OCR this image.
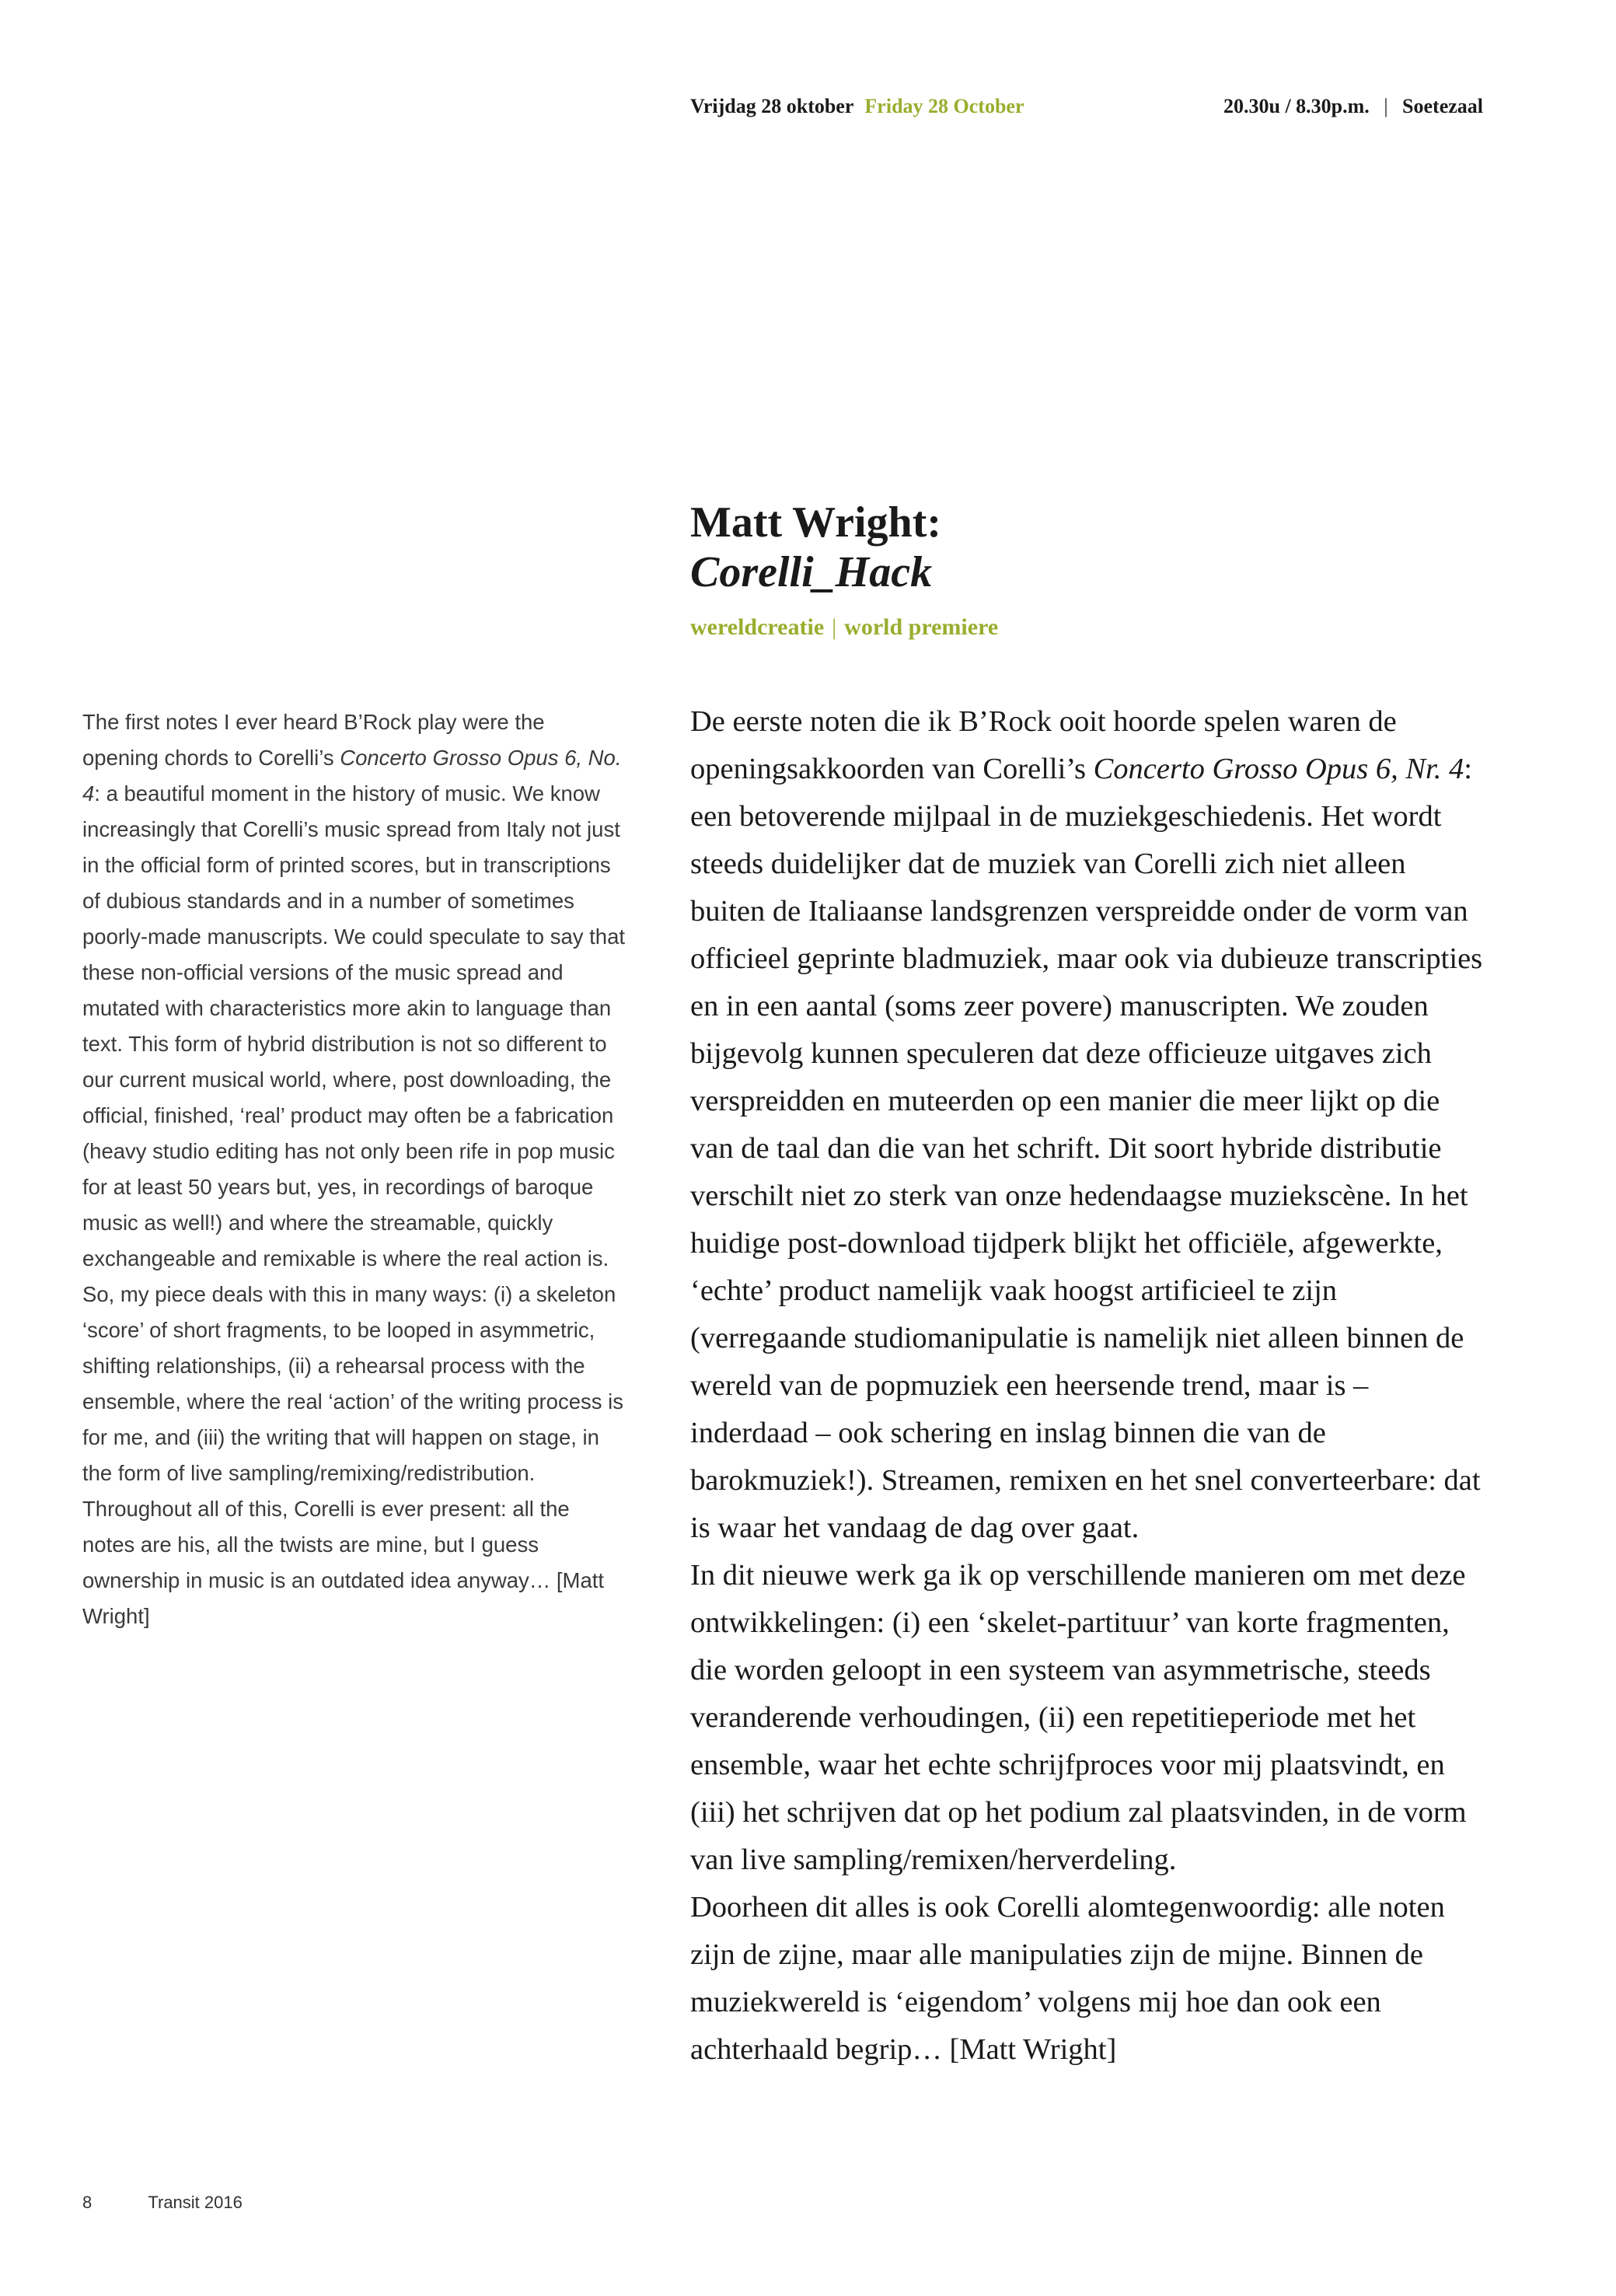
Vrijdag 28 oktober Friday 28 October	20.30u / 8.30p.m. | Soetezaal

Matt Wright:

Corelli_Hack

wereldcreatie | world premiere

The first notes I ever heard B’Rock play were the opening chords to Corelli’s Concerto Grosso Opus 6, No. 4: a beautiful moment in the history of music. We know increasingly that Corelli’s music spread from Italy not just in the official form of printed scores, but in transcriptions of dubious standards and in a number of sometimes poorly-made manuscripts. We could speculate to say that these non-official versions of the music spread and mutated with characteristics more akin to language than text. This form of hybrid distribution is not so different to our current musical world, where, post downloading, the official, finished, ‘real’ product may often be a fabrication (heavy studio editing has not only been rife in pop music for at least 50 years but, yes, in recordings of baroque music as well!) and where the streamable, quickly exchangeable and remixable is where the real action is.

So, my piece deals with this in many ways: (i) a skeleton ‘score’ of short fragments, to be looped in asymmetric, shifting relationships, (ii) a rehearsal process with the ensemble, where the real ‘action’ of the writing process is for me, and (iii) the writing that will happen on stage, in the form of live sampling/remixing/redistribution.

Throughout all of this, Corelli is ever present: all the notes are his, all the twists are mine, but I guess ownership in music is an outdated idea anyway… [Matt Wright]

De eerste noten die ik B’Rock ooit hoorde spelen waren de openingsakkoorden van Corelli’s Concerto Grosso Opus 6, Nr. 4: een betoverende mijlpaal in de muziekgeschiedenis. Het wordt steeds duidelijker dat de muziek van Corelli zich niet alleen buiten de Italiaanse landsgrenzen verspreidde onder de vorm van officieel geprinte bladmuziek, maar ook via dubieuze transcripties en in een aantal (soms zeer povere) manuscripten. We zouden bijgevolg kunnen speculeren dat deze officieuze uitgaves zich verspreidden en muteerden op een manier die meer lijkt op die van de taal dan die van het schrift. Dit soort hybride distributie verschilt niet zo sterk van onze hedendaagse muziekscène. In het huidige post-download tijdperk blijkt het officiële, afgewerkte, ‘echte’ product namelijk vaak hoogst artificieel te zijn (verregaande studiomanipulatie is namelijk niet alleen binnen de wereld van de popmuziek een heersende trend, maar is – inderdaad – ook schering en inslag binnen die van de barokmuziek!). Streamen, remixen en het snel converteerbare: dat is waar het vandaag de dag over gaat.

In dit nieuwe werk ga ik op verschillende manieren om met deze ontwikkelingen: (i) een ‘skelet-partituur’ van korte fragmenten, die worden geloopt in een systeem van asymmetrische, steeds veranderende verhoudingen, (ii) een repetitieperiode met het ensemble, waar het echte schrijfproces voor mij plaatsvindt, en (iii) het schrijven dat op het podium zal plaatsvinden, in de vorm van live sampling/remixen/herverdeling.

Doorheen dit alles is ook Corelli alomtegenwoordig: alle noten zijn de zijne, maar alle manipulaties zijn de mijne. Binnen de muziekwereld is ‘eigendom’ volgens mij hoe dan ook een achterhaald begrip… [Matt Wright]

8	Transit 2016
